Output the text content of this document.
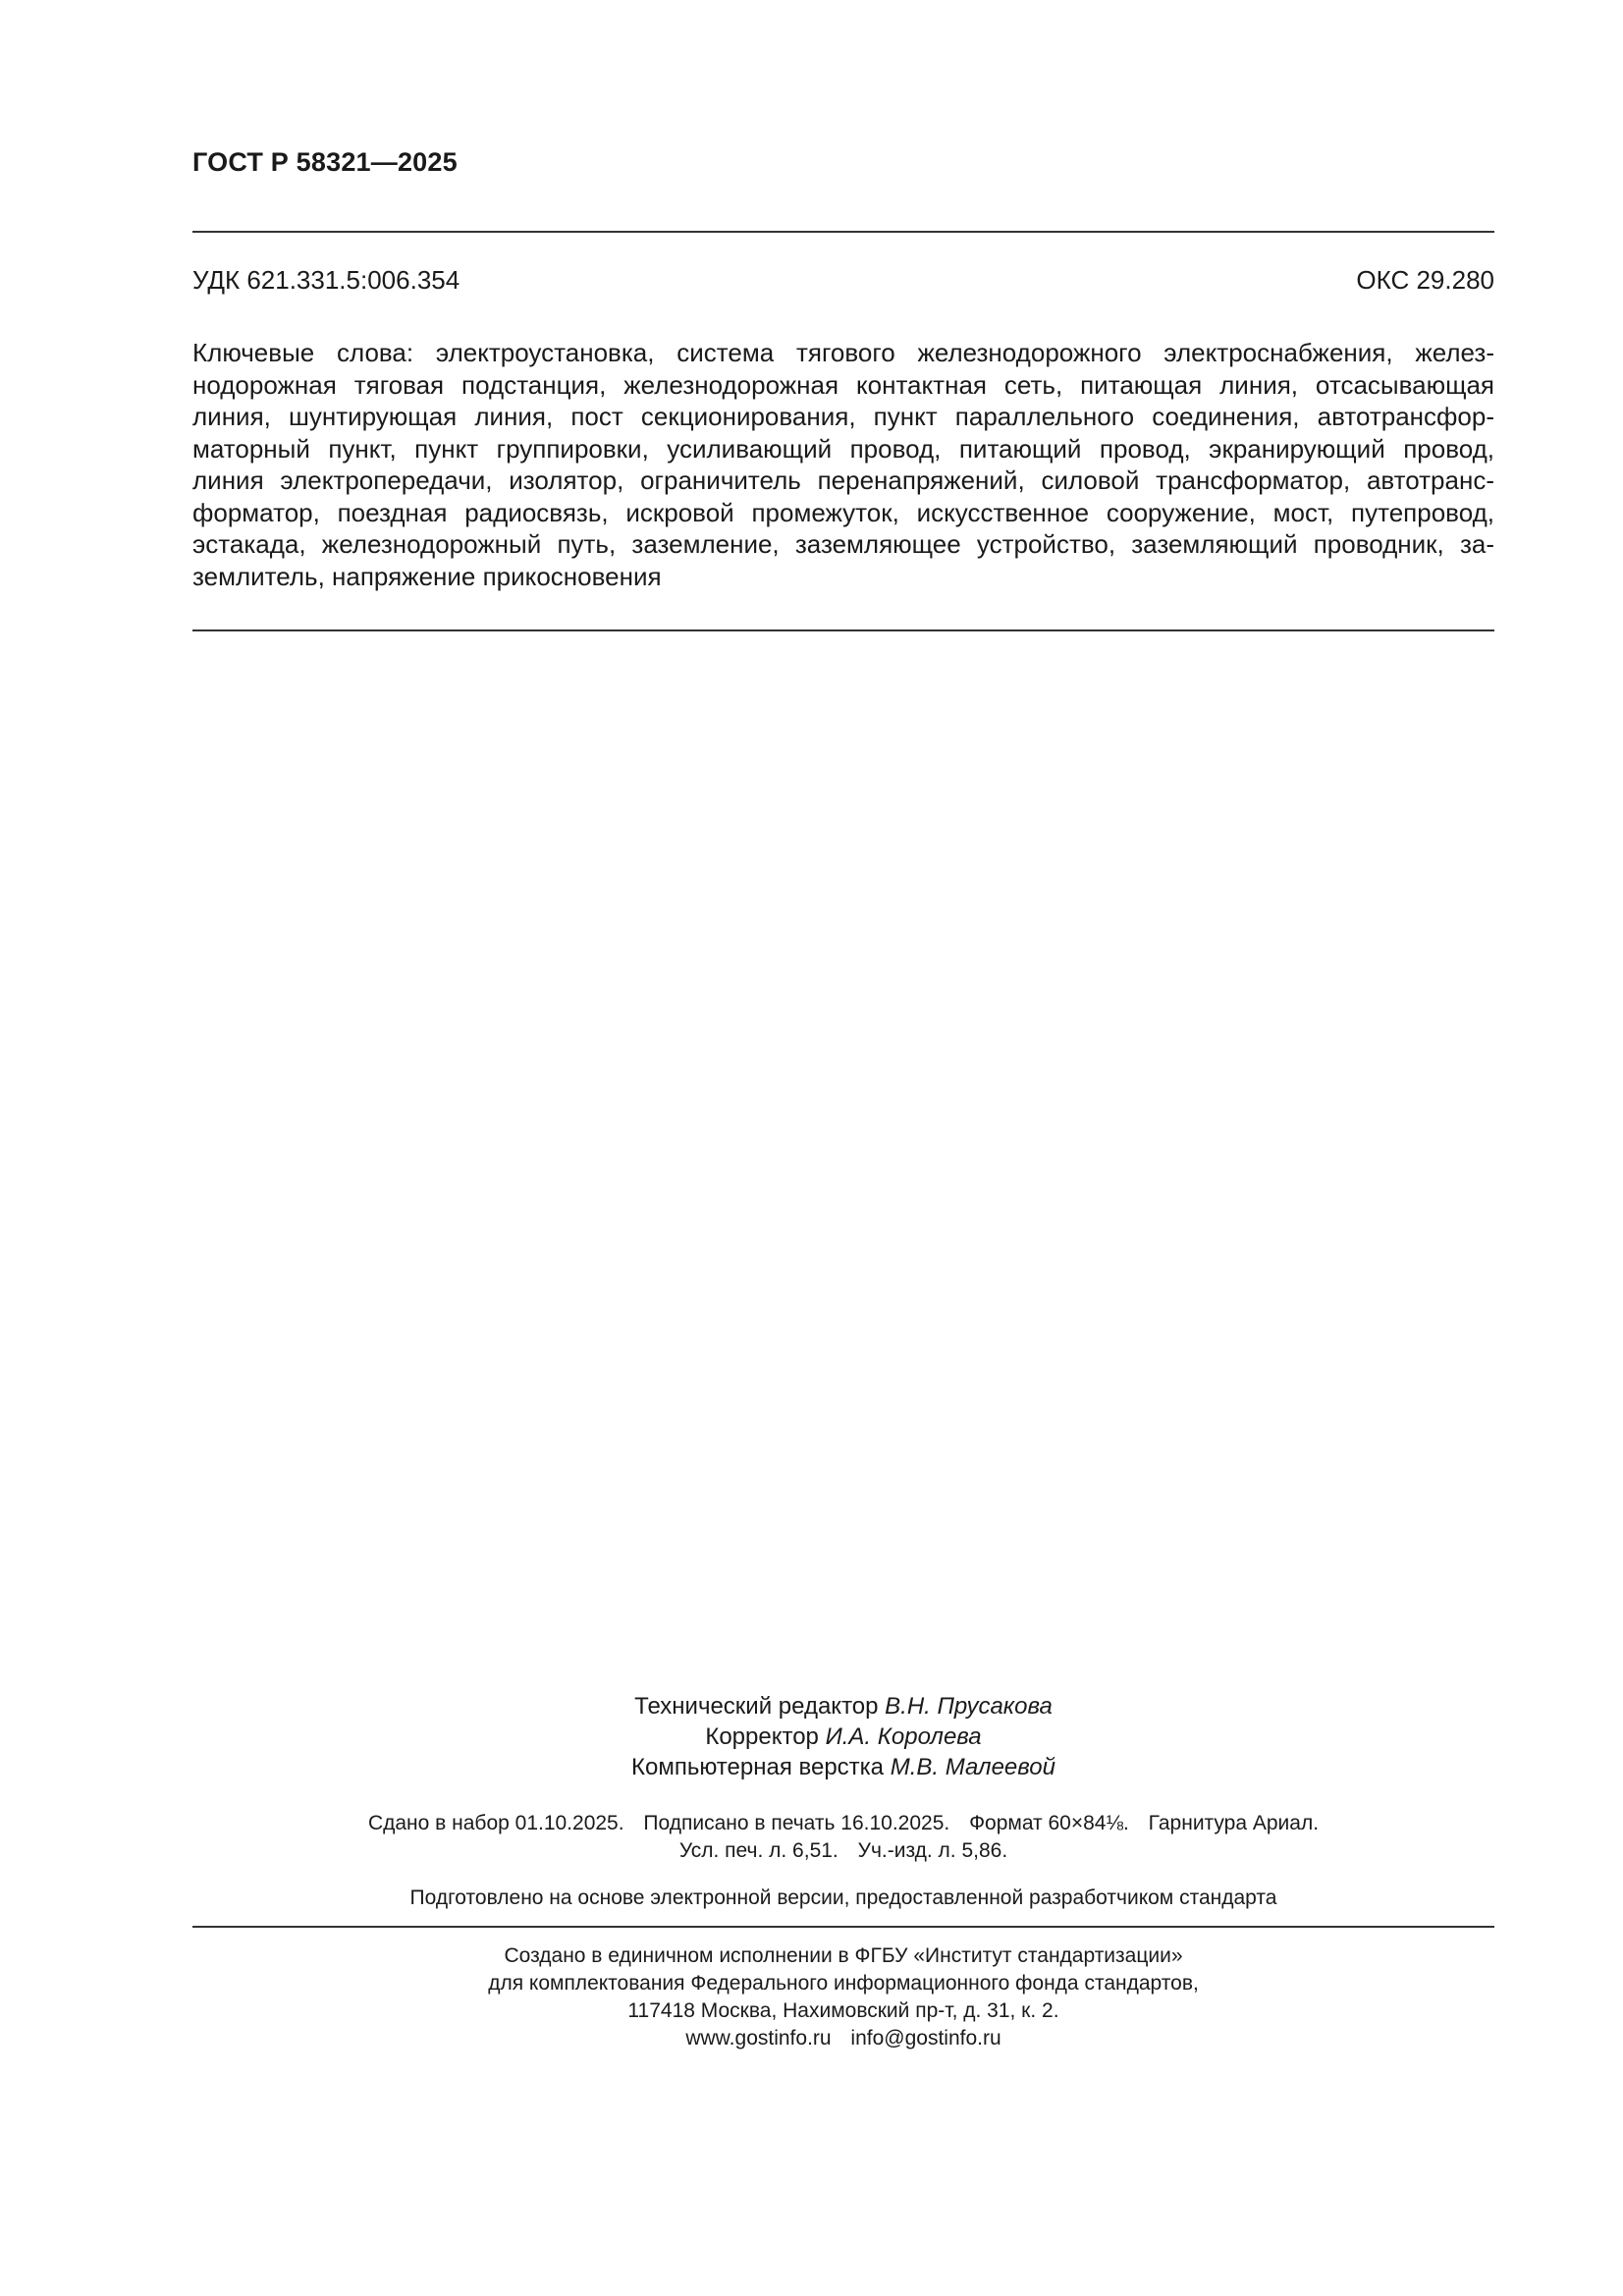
ГОСТ Р 58321—2025
УДК 621.331.5:006.354	ОКС 29.280
Ключевые слова: электроустановка, система тягового железнодорожного электроснабжения, желез-
нодорожная тяговая подстанция, железнодорожная контактная сеть, питающая линия, отсасывающая
линия, шунтирующая линия, пост секционирования, пункт параллельного соединения, автотрансфор-
маторный пункт, пункт группировки, усиливающий провод, питающий провод, экранирующий провод,
линия электропередачи, изолятор, ограничитель перенапряжений, силовой трансформатор, автотранс-
форматор, поездная радиосвязь, искровой промежуток, искусственное сооружение, мост, путепровод,
эстакада, железнодорожный путь, заземление, заземляющее устройство, заземляющий проводник, за-
землитель, напряжение прикосновения
Технический редактор В.Н. Прусакова
Корректор И.А. Королева
Компьютерная верстка М.В. Малеевой
Сдано в набор 01.10.2025. Подписано в печать 16.10.2025. Формат 60×84⅛. Гарнитура Ариал.
Усл. печ. л. 6,51. Уч.-изд. л. 5,86.
Подготовлено на основе электронной версии, предоставленной разработчиком стандарта
Создано в единичном исполнении в ФГБУ «Институт стандартизации»
для комплектования Федерального информационного фонда стандартов,
117418 Москва, Нахимовский пр-т, д. 31, к. 2.
www.gostinfo.ru info@gostinfo.ru
